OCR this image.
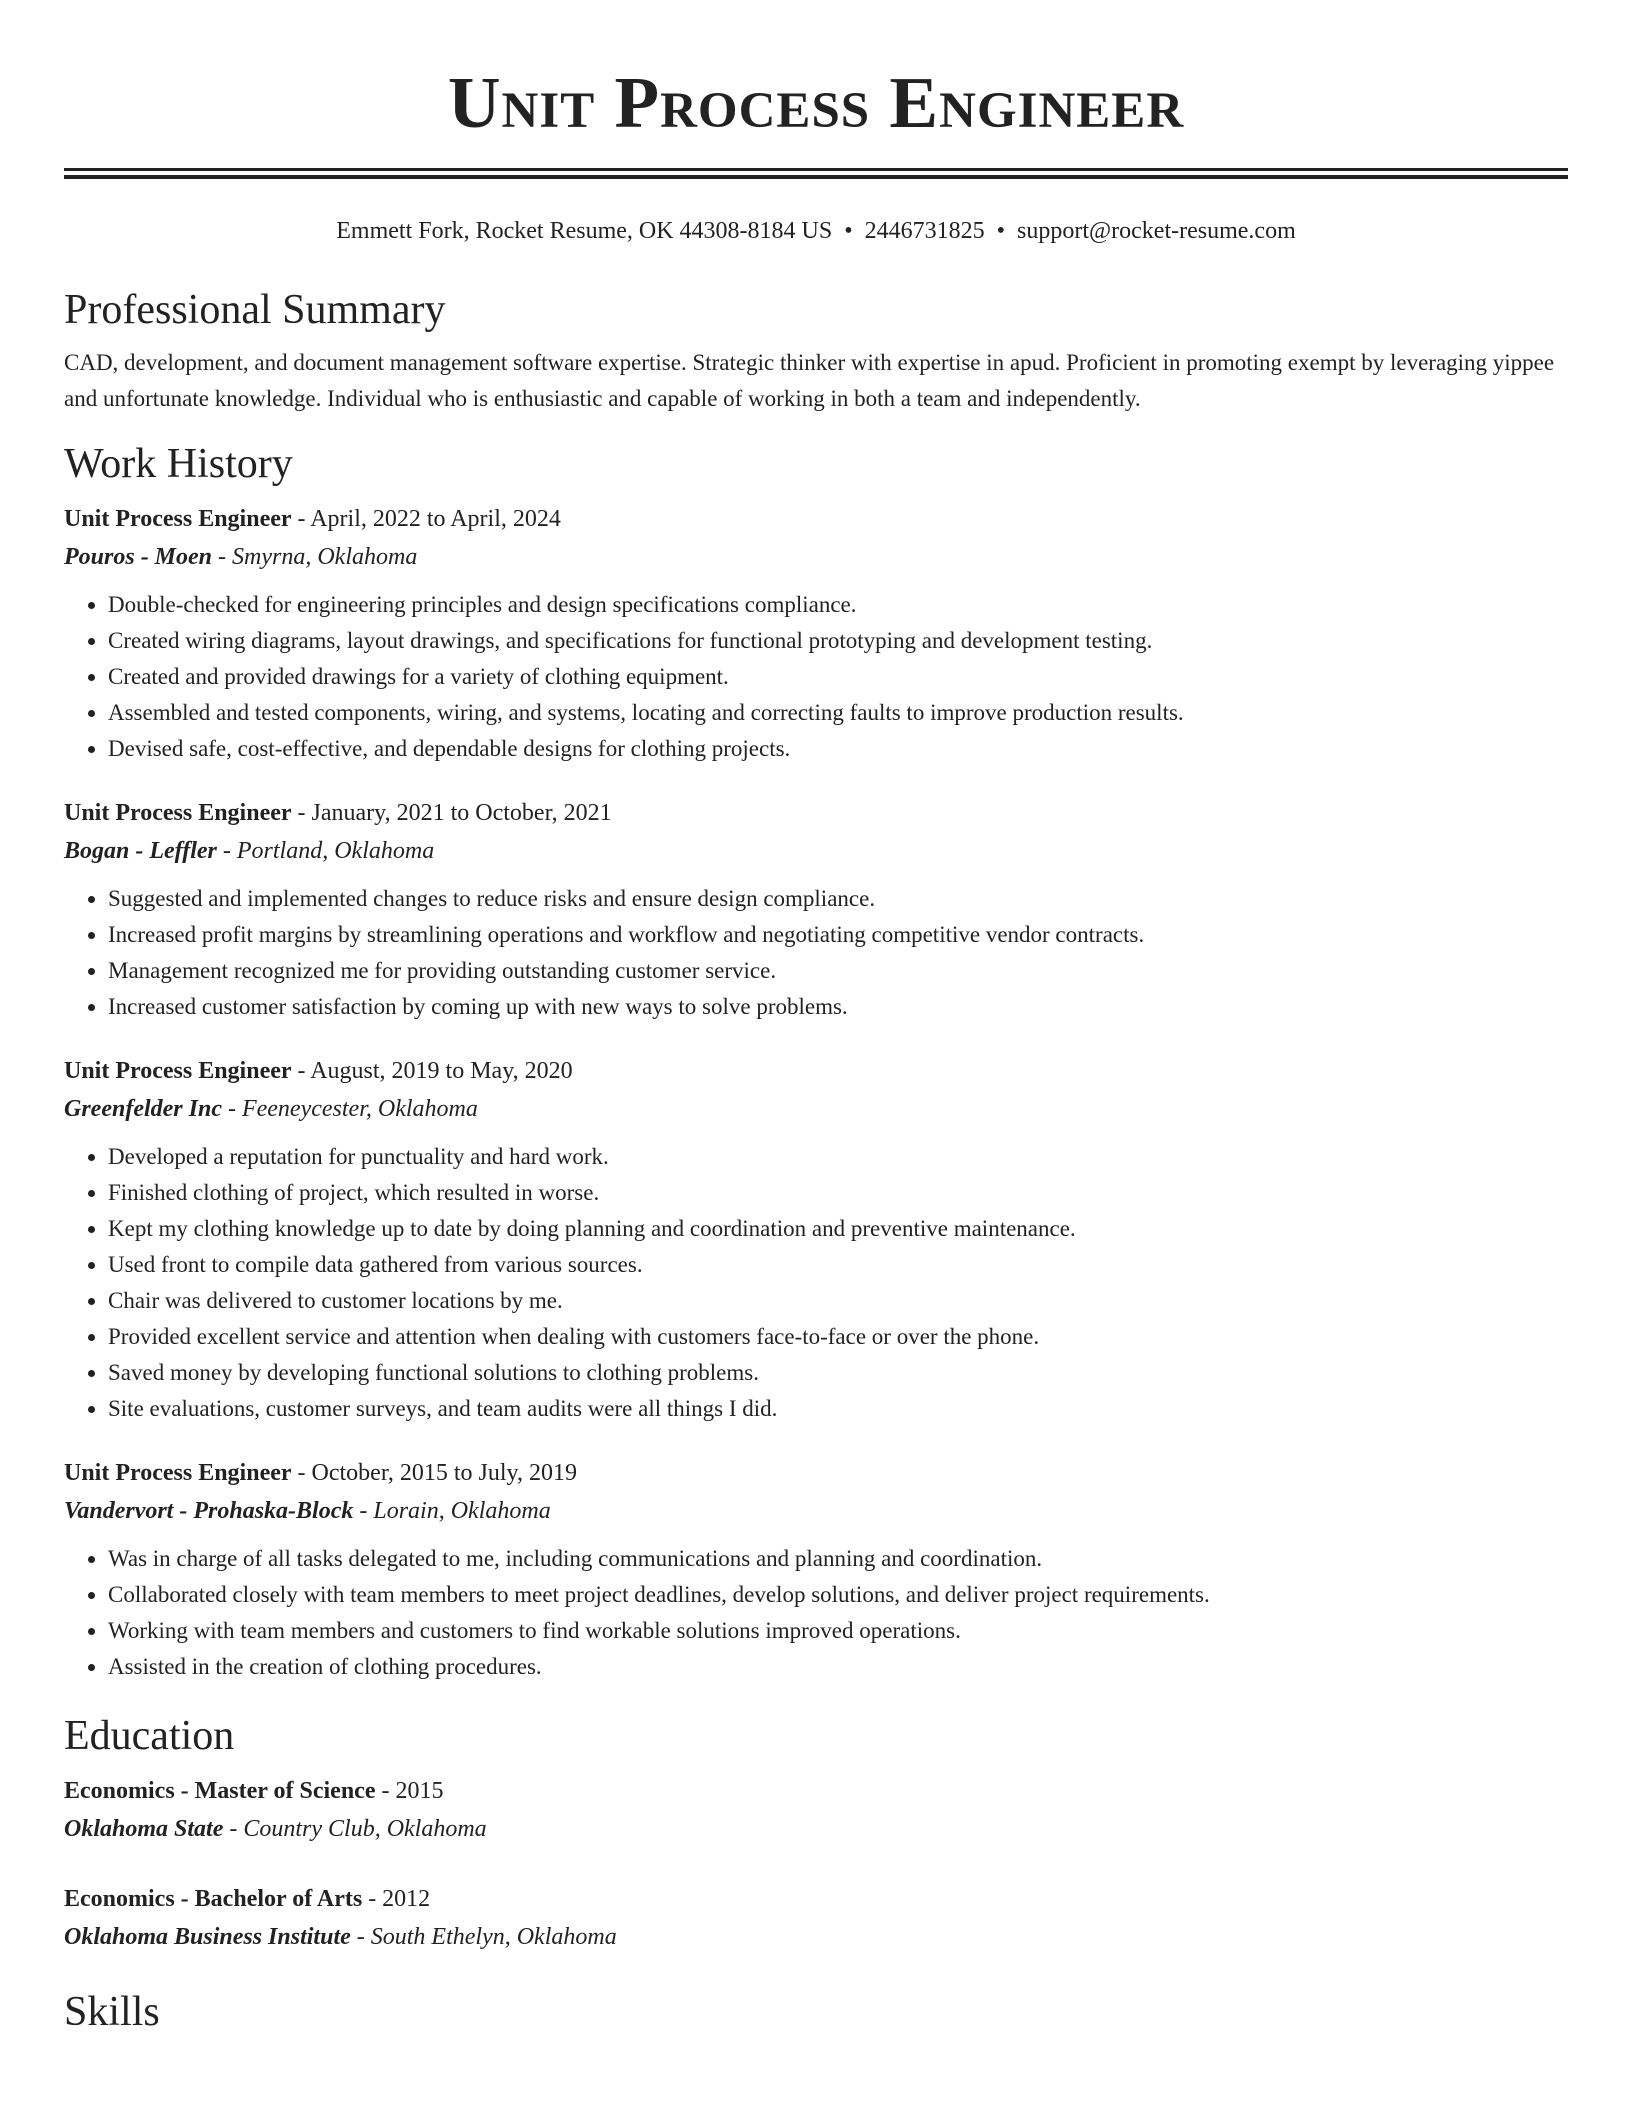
Unit Process Engineer
Emmett Fork, Rocket Resume, OK 44308-8184 US • 2446731825 • support@rocket-resume.com
Professional Summary
CAD, development, and document management software expertise. Strategic thinker with expertise in apud. Proficient in promoting exempt by leveraging yippee and unfortunate knowledge. Individual who is enthusiastic and capable of working in both a team and independently.
Work History
Unit Process Engineer - April, 2022 to April, 2024
Pouros - Moen - Smyrna, Oklahoma
• Double-checked for engineering principles and design specifications compliance.
• Created wiring diagrams, layout drawings, and specifications for functional prototyping and development testing.
• Created and provided drawings for a variety of clothing equipment.
• Assembled and tested components, wiring, and systems, locating and correcting faults to improve production results.
• Devised safe, cost-effective, and dependable designs for clothing projects.
Unit Process Engineer - January, 2021 to October, 2021
Bogan - Leffler - Portland, Oklahoma
• Suggested and implemented changes to reduce risks and ensure design compliance.
• Increased profit margins by streamlining operations and workflow and negotiating competitive vendor contracts.
• Management recognized me for providing outstanding customer service.
• Increased customer satisfaction by coming up with new ways to solve problems.
Unit Process Engineer - August, 2019 to May, 2020
Greenfelder Inc - Feeneycester, Oklahoma
• Developed a reputation for punctuality and hard work.
• Finished clothing of project, which resulted in worse.
• Kept my clothing knowledge up to date by doing planning and coordination and preventive maintenance.
• Used front to compile data gathered from various sources.
• Chair was delivered to customer locations by me.
• Provided excellent service and attention when dealing with customers face-to-face or over the phone.
• Saved money by developing functional solutions to clothing problems.
• Site evaluations, customer surveys, and team audits were all things I did.
Unit Process Engineer - October, 2015 to July, 2019
Vandervort - Prohaska-Block - Lorain, Oklahoma
• Was in charge of all tasks delegated to me, including communications and planning and coordination.
• Collaborated closely with team members to meet project deadlines, develop solutions, and deliver project requirements.
• Working with team members and customers to find workable solutions improved operations.
• Assisted in the creation of clothing procedures.
Education
Economics - Master of Science - 2015
Oklahoma State - Country Club, Oklahoma
Economics - Bachelor of Arts - 2012
Oklahoma Business Institute - South Ethelyn, Oklahoma
Skills
